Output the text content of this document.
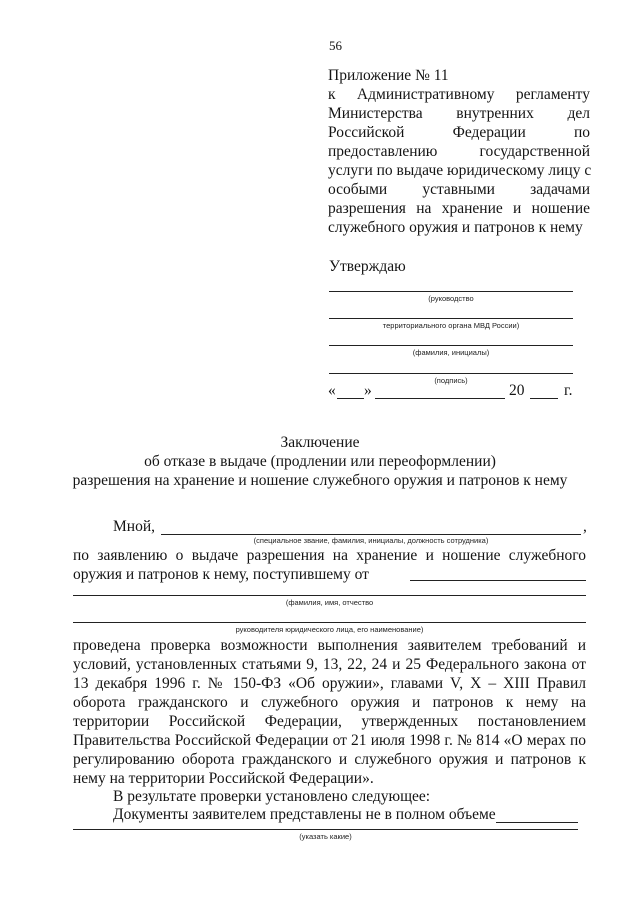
56
Приложение № 11
к Административному регламенту
Министерства внутренних дел
Российской Федерации по
предоставлению государственной
услуги по выдаче юридическому лицу с
особыми уставными задачами
разрешения на хранение и ношение
служебного оружия и патронов к нему
Утверждаю
(руководство
территориального органа МВД России)
(фамилия, инициалы)
(подпись)
« »	20	г.
Заключение
об отказе в выдаче (продлении или переоформлении)
разрешения на хранение и ношение служебного оружия и патронов к нему
Мной,	,
(специальное звание, фамилия, инициалы, должность сотрудника)
по заявлению о выдаче разрешения на хранение и ношение служебного
оружия и патронов к нему, поступившему от
(фамилия, имя, отчество
руководителя юридического лица, его наименование)
проведена проверка возможности выполнения заявителем требований и
условий, установленных статьями 9, 13, 22, 24 и 25 Федерального закона от
13 декабря 1996 г. № 150-ФЗ «Об оружии», главами V, X – XIII Правил
оборота гражданского и служебного оружия и патронов к нему на
территории Российской Федерации, утвержденных постановлением
Правительства Российской Федерации от 21 июля 1998 г. № 814 «О мерах по
регулированию оборота гражданского и служебного оружия и патронов к
нему на территории Российской Федерации».
В результате проверки установлено следующее:
Документы заявителем представлены не в полном объеме
(указать какие)
